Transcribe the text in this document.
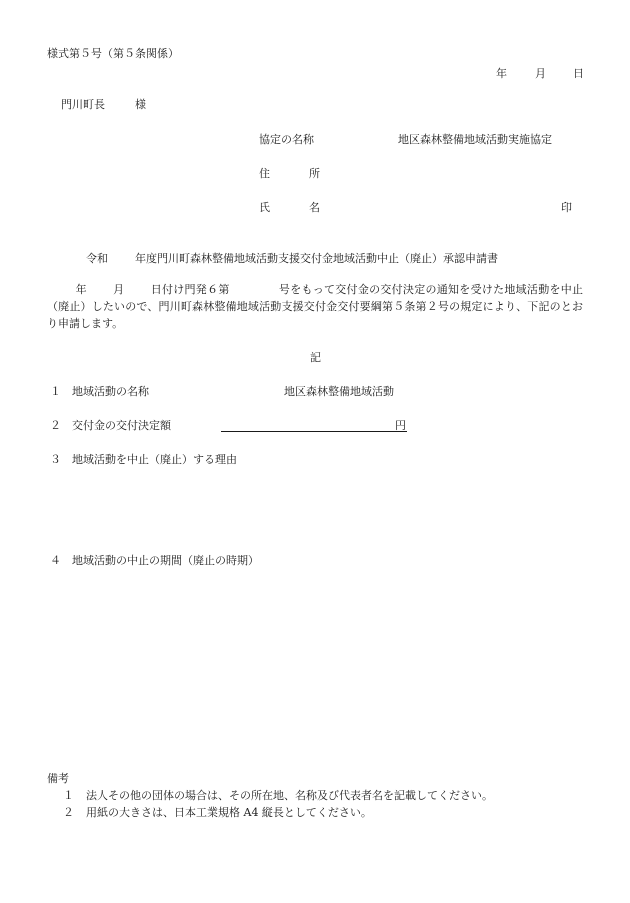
様式第５号（第５条関係）
年	月 日
門川町長	様
協定の名称	地区森林整備地域活動実施協定
住	所
氏	名	印
令和 年度門川町森林整備地域活動支援交付金地域活動中止（廃止）承認申請書
年 月 日付け門発６第	号をもって交付金の交付決定の通知を受けた地域活動を中止（廃止）したいので、門川町森林整備地域活動支援交付金交付要綱第５条第２号の規定により、下記のとおり申請します。
記
１ 地域活動の名称	地区森林整備地域活動
２ 交付金の交付決定額	円
３ 地域活動を中止（廃止）する理由
４ 地域活動の中止の期間（廃止の時期）
備考
１ 法人その他の団体の場合は、その所在地、名称及び代表者名を記載してください。
２ 用紙の大きさは、日本工業規格 A4 縦長としてください。
